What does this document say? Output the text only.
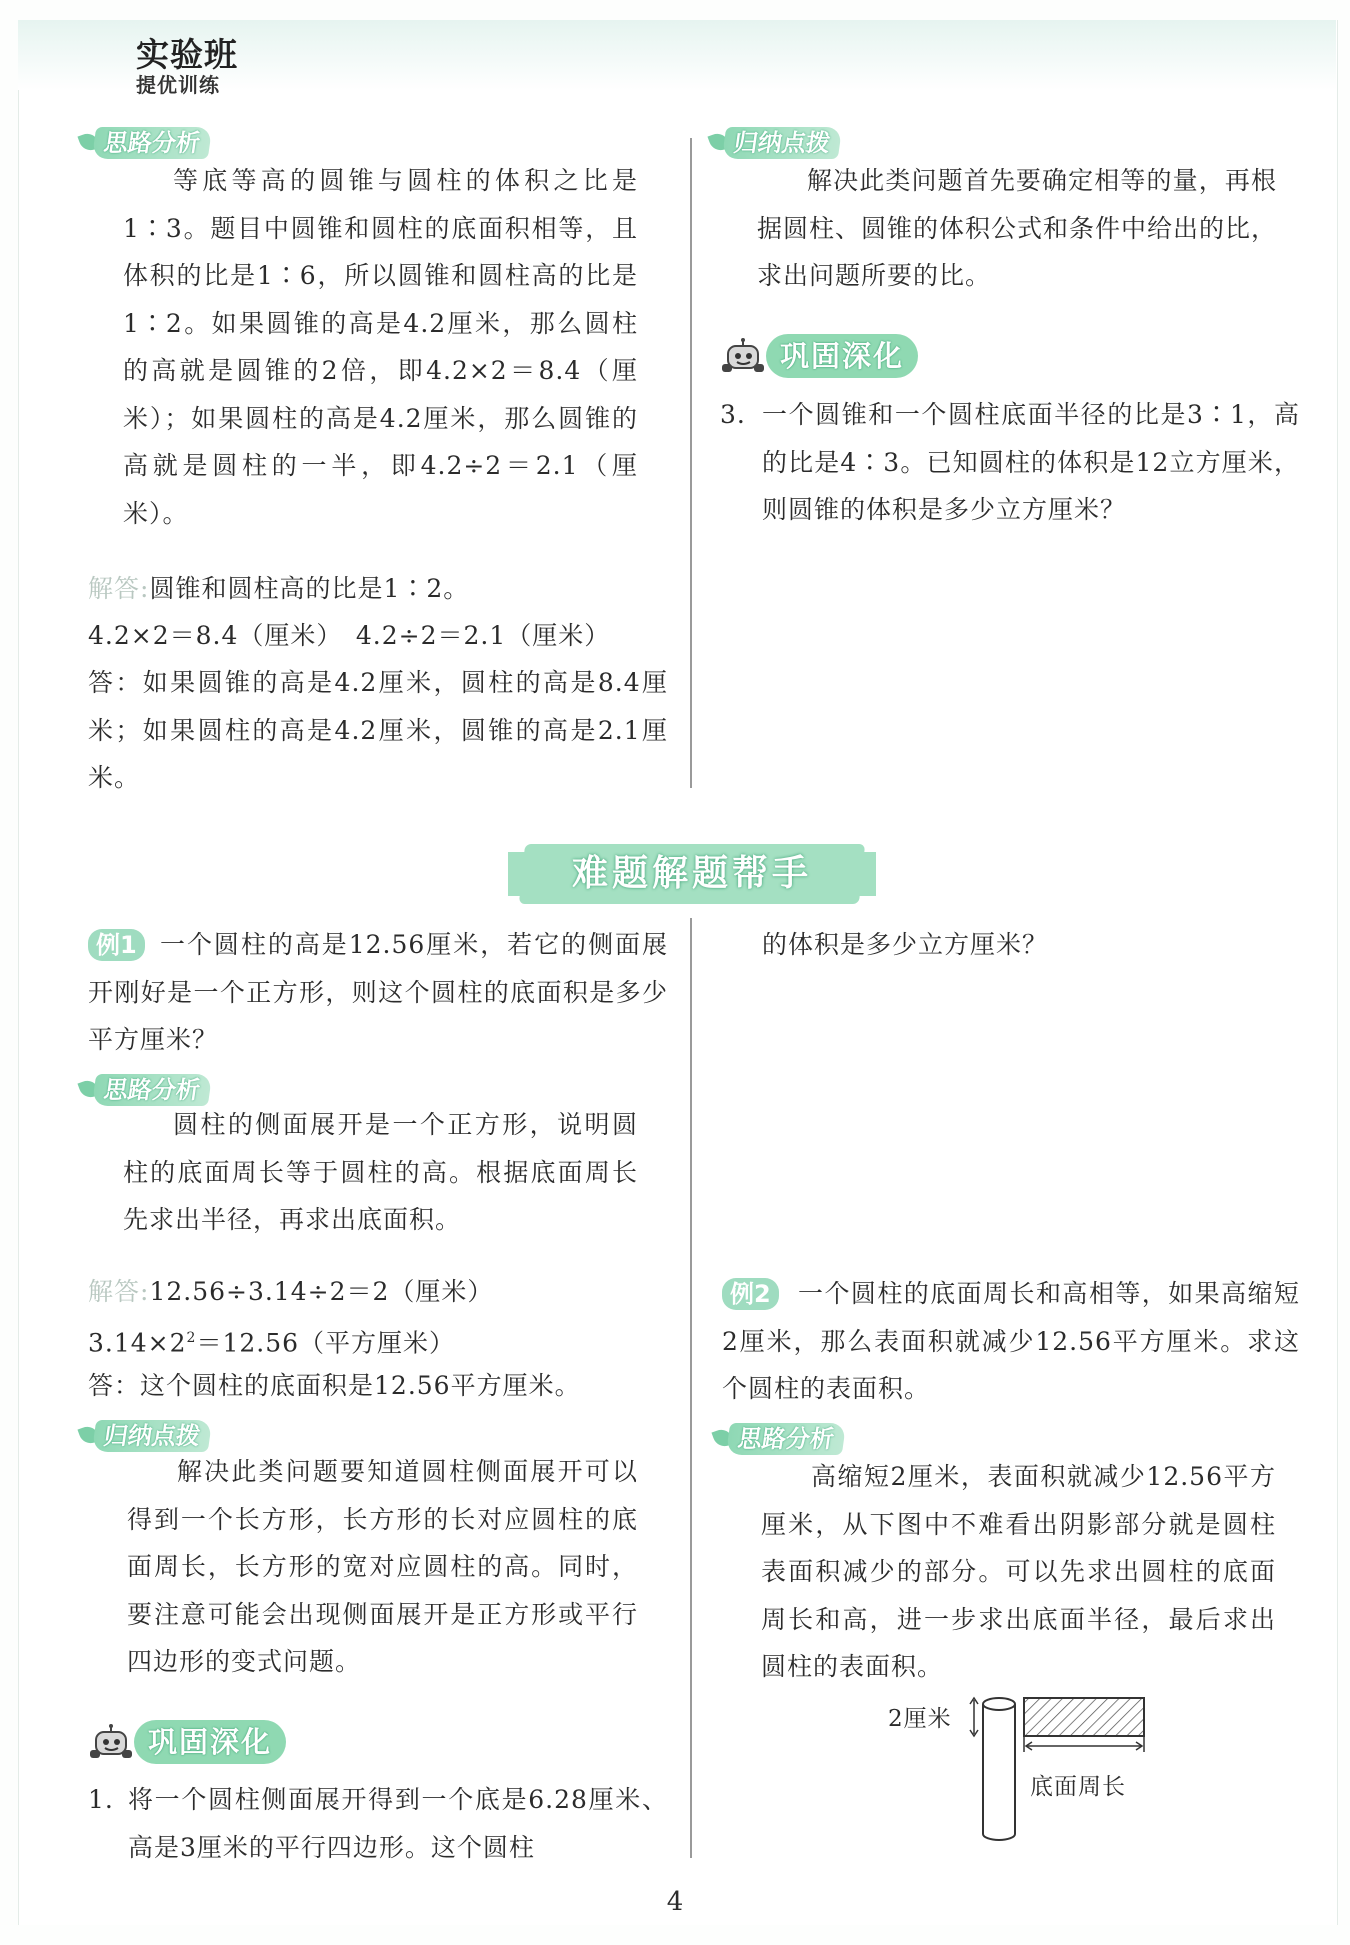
实验班
提优训练
思路分析
等底等高的圆锥与圆柱的体积之比是1∶3。题目中圆锥和圆柱的底面积相等，且体积的比是1∶6，所以圆锥和圆柱高的比是1∶2。如果圆锥的高是4.2厘米，那么圆柱的高就是圆锥的2倍，即4.2×2＝8.4（厘米）；如果圆柱的高是4.2厘米，那么圆锥的高就是圆柱的一半，即4.2÷2＝2.1（厘米）。
解答:圆锥和圆柱高的比是1∶2。
4.2×2＝8.4（厘米）　4.2÷2＝2.1（厘米）
答：如果圆锥的高是4.2厘米，圆柱的高是8.4厘米；如果圆柱的高是4.2厘米，圆锥的高是2.1厘米。
归纳点拨
解决此类问题首先要确定相等的量，再根据圆柱、圆锥的体积公式和条件中给出的比，求出问题所要的比。
巩固深化
3. 一个圆锥和一个圆柱底面半径的比是3∶1，高的比是4∶3。已知圆柱的体积是12立方厘米，则圆锥的体积是多少立方厘米？
难题解题帮手
例1 一个圆柱的高是12.56厘米，若它的侧面展开刚好是一个正方形，则这个圆柱的底面积是多少平方厘米？
思路分析
圆柱的侧面展开是一个正方形，说明圆柱的底面周长等于圆柱的高。根据底面周长先求出半径，再求出底面积。
解答:12.56÷3.14÷2＝2（厘米）
$3.14\times 2^2=12.56$（平方厘米）
答：这个圆柱的底面积是12.56平方厘米。
归纳点拨
解决此类问题要知道圆柱侧面展开可以得到一个长方形，长方形的长对应圆柱的底面周长，长方形的宽对应圆柱的高。同时，要注意可能会出现侧面展开是正方形或平行四边形的变式问题。
巩固深化
1. 将一个圆柱侧面展开得到一个底是6.28厘米、高是3厘米的平行四边形。这个圆柱
的体积是多少立方厘米？
例2	一个圆柱的底面周长和高相等，如果高缩短2厘米，那么表面积就减少12.56平方厘米。求这个圆柱的表面积。
思路分析
高缩短2厘米，表面积就减少12.56平方厘米，从下图中不难看出阴影部分就是圆柱表面积减少的部分。可以先求出圆柱的底面周长和高，进一步求出底面半径，最后求出圆柱的表面积。
2厘米
底面周长
4
